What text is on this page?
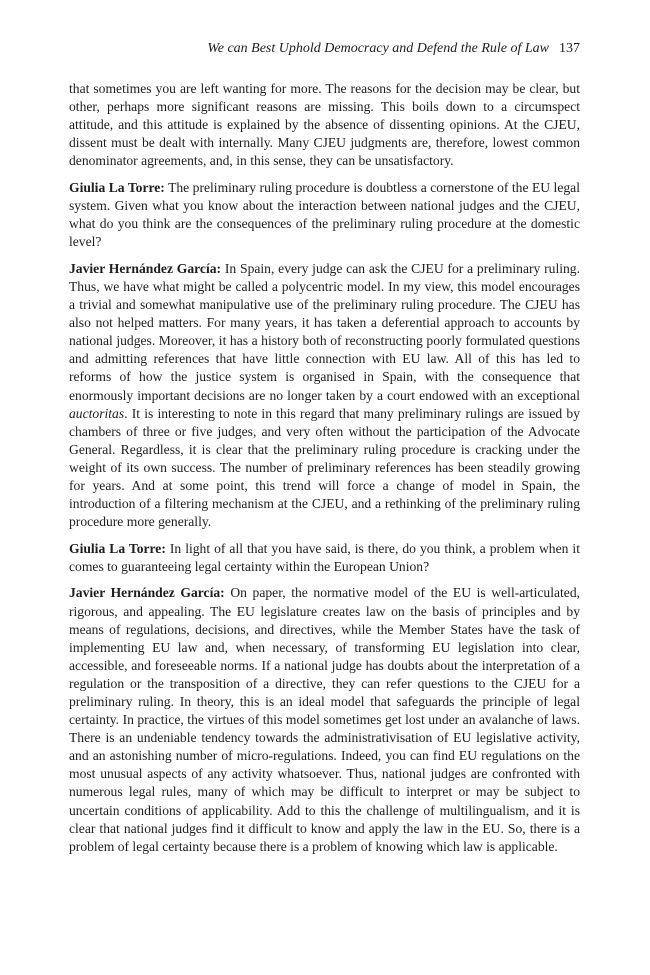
We can Best Uphold Democracy and Defend the Rule of Law 137

that sometimes you are left wanting for more. The reasons for the decision may be clear, but other, perhaps more significant reasons are missing. This boils down to a circumspect attitude, and this attitude is explained by the absence of dissenting opinions. At the CJEU, dissent must be dealt with internally. Many CJEU judgments are, therefore, lowest common denominator agreements, and, in this sense, they can be unsatisfactory.

Giulia La Torre: The preliminary ruling procedure is doubtless a cornerstone of the EU legal system. Given what you know about the interaction between national judges and the CJEU, what do you think are the consequences of the preliminary ruling procedure at the domestic level?

Javier Hernández García: In Spain, every judge can ask the CJEU for a preliminary ruling. Thus, we have what might be called a polycentric model. In my view, this model encourages a trivial and somewhat manipulative use of the preliminary ruling procedure. The CJEU has also not helped matters. For many years, it has taken a deferential approach to accounts by national judges. Moreover, it has a history both of reconstructing poorly formulated questions and admitting references that have little connection with EU law. All of this has led to reforms of how the justice system is organised in Spain, with the consequence that enormously important decisions are no longer taken by a court endowed with an exceptional auctoritas. It is interesting to note in this regard that many preliminary rulings are issued by chambers of three or five judges, and very often without the participation of the Advocate General. Regardless, it is clear that the preliminary ruling procedure is cracking under the weight of its own success. The number of preliminary references has been steadily growing for years. And at some point, this trend will force a change of model in Spain, the introduction of a filtering mechanism at the CJEU, and a rethinking of the preliminary ruling procedure more generally.

Giulia La Torre: In light of all that you have said, is there, do you think, a problem when it comes to guaranteeing legal certainty within the European Union?

Javier Hernández García: On paper, the normative model of the EU is well-articulated, rigorous, and appealing. The EU legislature creates law on the basis of principles and by means of regulations, decisions, and directives, while the Member States have the task of implementing EU law and, when necessary, of transforming EU legislation into clear, accessible, and foreseeable norms. If a national judge has doubts about the interpretation of a regulation or the transposition of a directive, they can refer questions to the CJEU for a preliminary ruling. In theory, this is an ideal model that safeguards the principle of legal certainty. In practice, the virtues of this model sometimes get lost under an avalanche of laws. There is an undeniable tendency towards the administrativisation of EU legislative activity, and an astonishing number of micro-regulations. Indeed, you can find EU regulations on the most unusual aspects of any activity whatsoever. Thus, national judges are confronted with numerous legal rules, many of which may be difficult to interpret or may be subject to uncertain conditions of applicability. Add to this the challenge of multilingualism, and it is clear that national judges find it difficult to know and apply the law in the EU. So, there is a problem of legal certainty because there is a problem of knowing which law is applicable.
